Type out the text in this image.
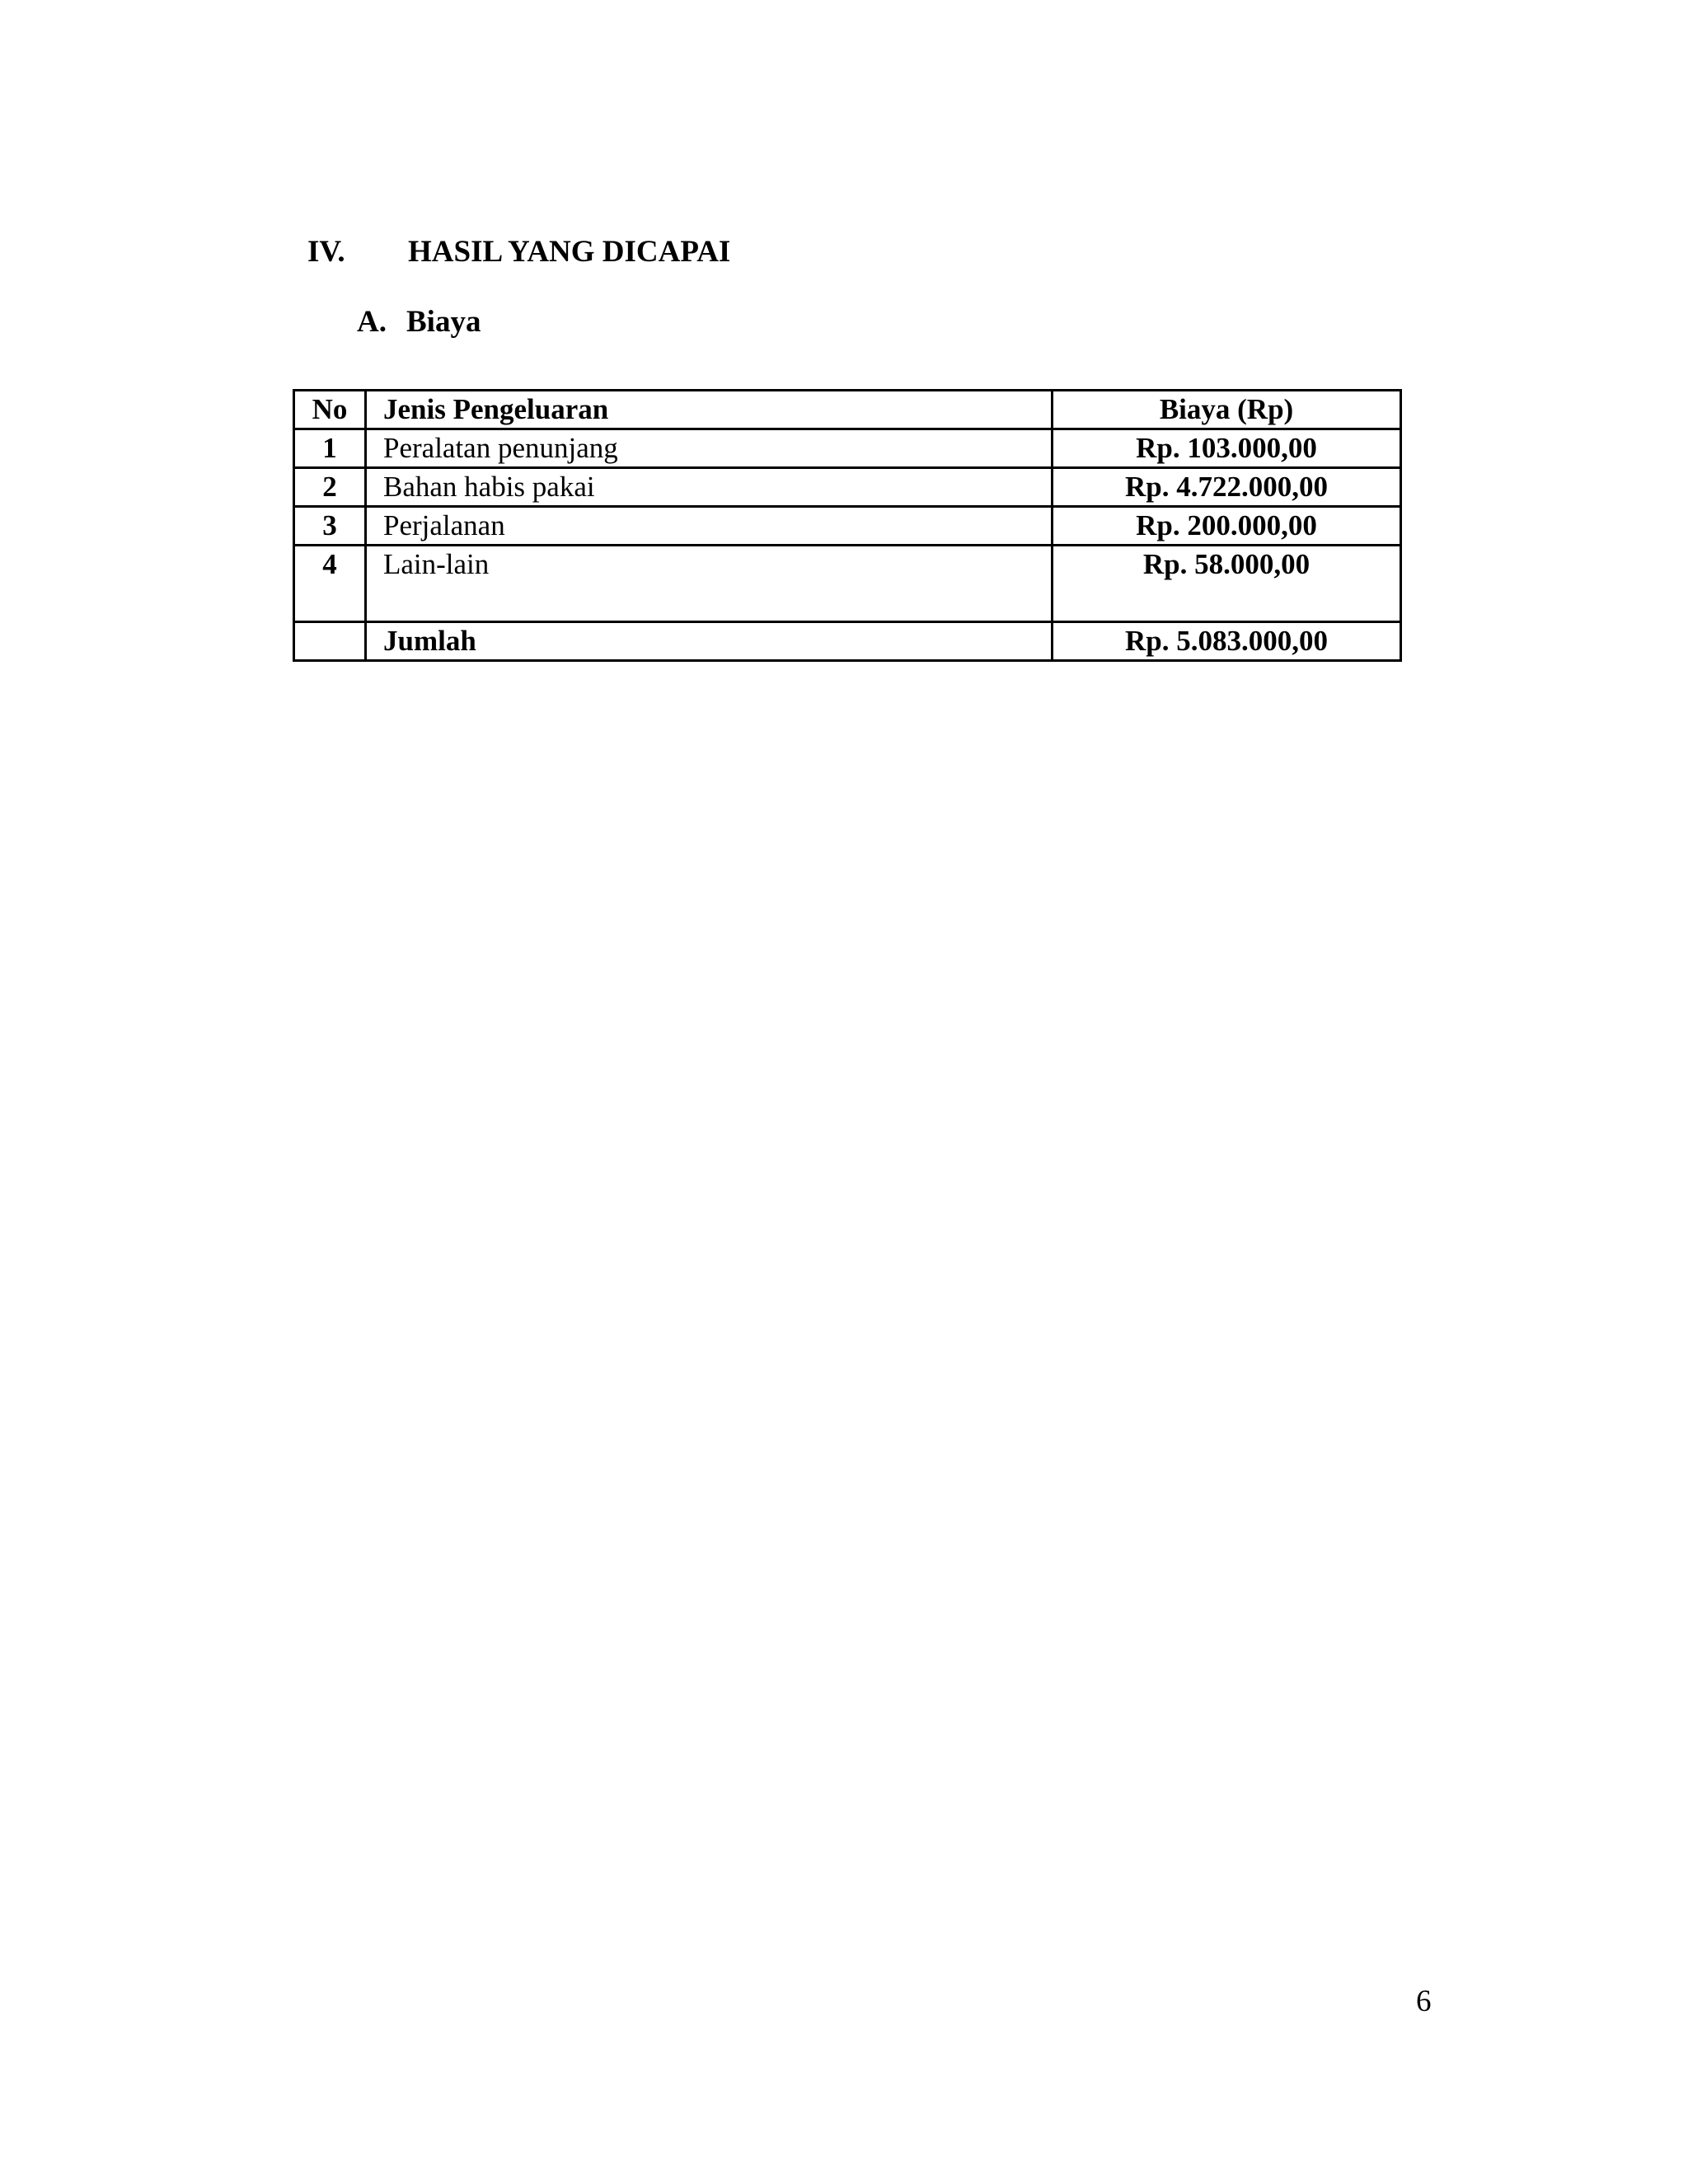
IV. HASIL YANG DICAPAI
A. Biaya
No	Jenis Pengeluaran	Biaya (Rp)
1	Peralatan penunjang	Rp. 103.000,00
2	Bahan habis pakai	Rp. 4.722.000,00
3	Perjalanan	Rp. 200.000,00
4	Lain-lain	Rp. 58.000,00
	Jumlah	Rp. 5.083.000,00
6
